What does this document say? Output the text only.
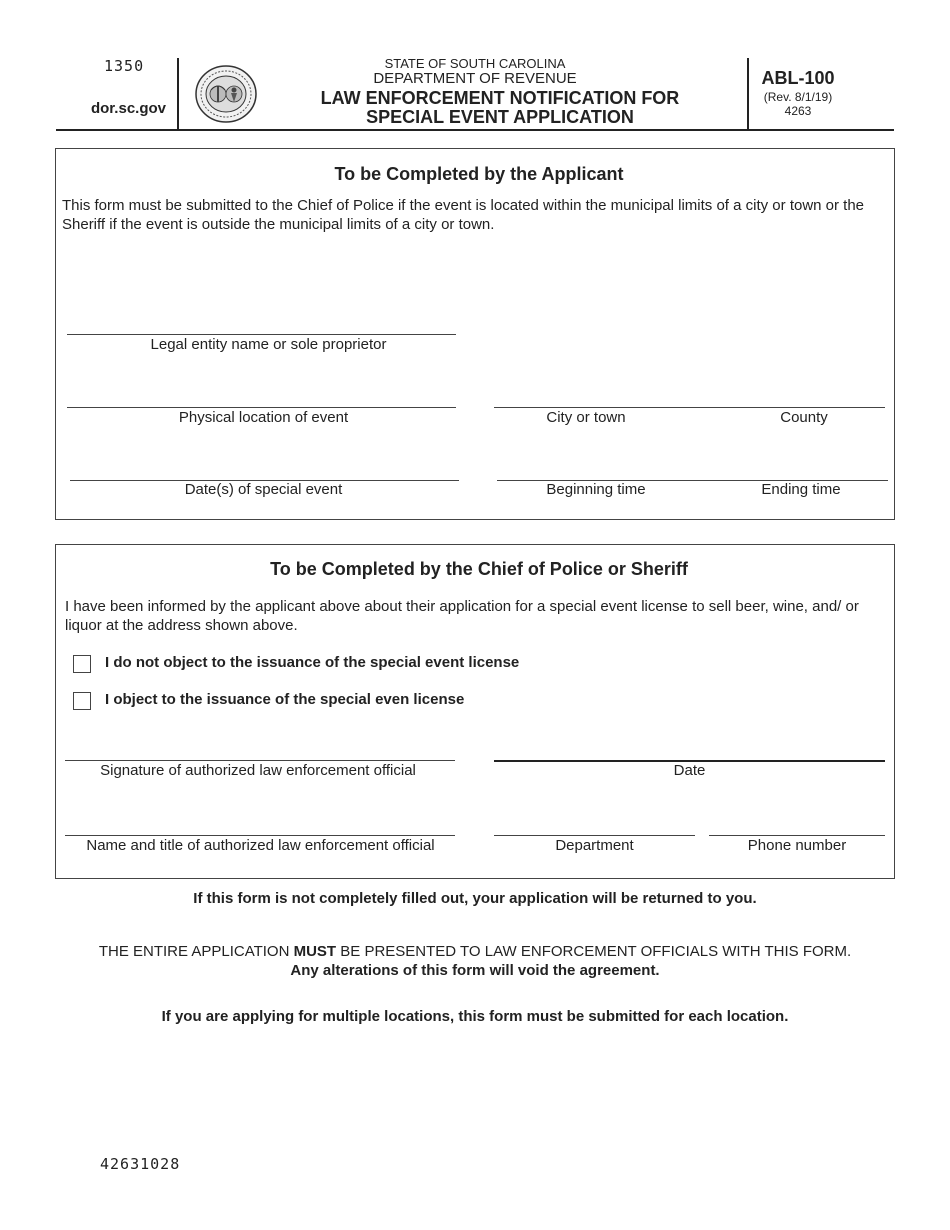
1350
dor.sc.gov
STATE OF SOUTH CAROLINA
DEPARTMENT OF REVENUE
LAW ENFORCEMENT NOTIFICATION FOR
SPECIAL EVENT APPLICATION
ABL-100
(Rev. 8/1/19)
4263
To be Completed by the Applicant
This form must be submitted to the Chief of Police if the event is located within the municipal limits of a city or town or the Sheriff if the event is outside the municipal limits of a city or town.
Legal entity name or sole proprietor
Physical location of event	City or town	County
Date(s) of special event	Beginning time	Ending time
To be Completed by the Chief of Police or Sheriff
I have been informed by the applicant above about their application for a special event license to sell beer, wine, and/ or liquor at the address shown above.
I do not object to the issuance of the special event license
I object to the issuance of the special even license
Signature of authorized law enforcement official	Date
Name and title of authorized law enforcement official	Department	Phone number
If this form is not completely filled out, your application will be returned to you.
THE ENTIRE APPLICATION MUST BE PRESENTED TO LAW ENFORCEMENT OFFICIALS WITH THIS FORM.
Any alterations of this form will void the agreement.
If you are applying for multiple locations, this form must be submitted for each location.
42631028
